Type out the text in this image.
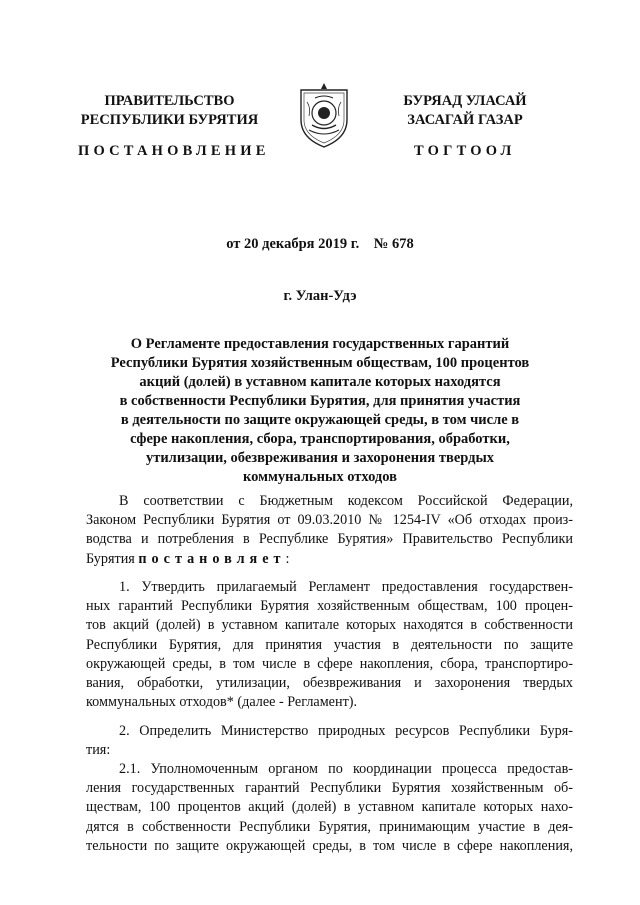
ПРАВИТЕЛЬСТВО
РЕСПУБЛИКИ БУРЯТИЯ
БУРЯАД УЛАСАЙ
ЗАСАГАЙ ГАЗАР
ПОСТАНОВЛЕНИЕ	ТОГТООЛ
от 20 декабря 2019 г.    № 678
г. Улан-Удэ
О Регламенте предоставления государственных гарантий
Республики Бурятия хозяйственным обществам, 100 процентов
акций (долей) в уставном капитале которых находятся
в собственности Республики Бурятия, для принятия участия
в деятельности по защите окружающей среды, в том числе в
сфере накопления, сбора, транспортирования, обработки,
утилизации, обезвреживания и захоронения твердых
коммунальных отходов
В соответствии с Бюджетным кодексом Российской Федерации,
Законом Республики Бурятия от 09.03.2010 № 1254-IV «Об отходах произ-
водства и потребления в Республике Бурятия» Правительство Республики
Бурятия постановляет:
1. Утвердить прилагаемый Регламент предоставления государствен-
ных гарантий Республики Бурятия хозяйственным обществам, 100 процен-
тов акций (долей) в уставном капитале которых находятся в собственности
Республики Бурятия, для принятия участия в деятельности по защите
окружающей среды, в том числе в сфере накопления, сбора, транспортиро-
вания, обработки, утилизации, обезвреживания и захоронения твердых
коммунальных отходов* (далее - Регламент).
2. Определить Министерство природных ресурсов Республики Буря-
тия:
2.1. Уполномоченным органом по координации процесса предостав-
ления государственных гарантий Республики Бурятия хозяйственным об-
ществам, 100 процентов акций (долей) в уставном капитале которых нахо-
дятся в собственности Республики Бурятия, принимающим участие в дея-
тельности по защите окружающей среды, в том числе в сфере накопления,
